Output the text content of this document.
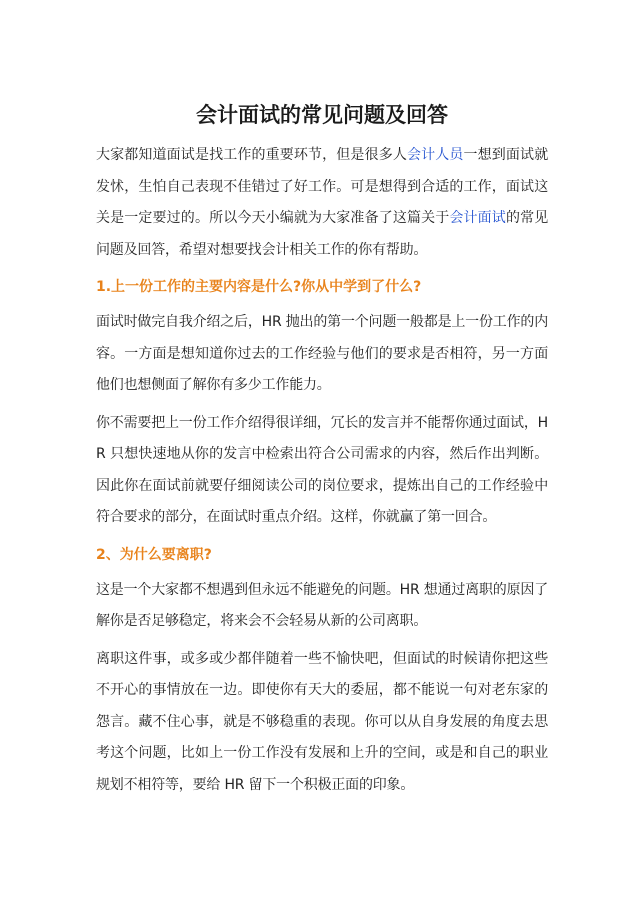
会计面试的常见问题及回答

大家都知道面试是找工作的重要环节，但是很多人会计人员一想到面试就发怵，生怕自己表现不佳错过了好工作。可是想得到合适的工作，面试这关是一定要过的。所以今天小编就为大家准备了这篇关于会计面试的常见问题及回答，希望对想要找会计相关工作的你有帮助。

1.上一份工作的主要内容是什么?你从中学到了什么?

面试时做完自我介绍之后，HR 抛出的第一个问题一般都是上一份工作的内容。一方面是想知道你过去的工作经验与他们的要求是否相符，另一方面他们也想侧面了解你有多少工作能力。

你不需要把上一份工作介绍得很详细，冗长的发言并不能帮你通过面试，HR 只想快速地从你的发言中检索出符合公司需求的内容，然后作出判断。因此你在面试前就要仔细阅读公司的岗位要求，提炼出自己的工作经验中符合要求的部分，在面试时重点介绍。这样，你就赢了第一回合。

2、为什么要离职?

这是一个大家都不想遇到但永远不能避免的问题。HR 想通过离职的原因了解你是否足够稳定，将来会不会轻易从新的公司离职。

离职这件事，或多或少都伴随着一些不愉快吧，但面试的时候请你把这些不开心的事情放在一边。即使你有天大的委屈，都不能说一句对老东家的怨言。藏不住心事，就是不够稳重的表现。你可以从自身发展的角度去思考这个问题，比如上一份工作没有发展和上升的空间，或是和自己的职业规划不相符等，要给 HR 留下一个积极正面的印象。
